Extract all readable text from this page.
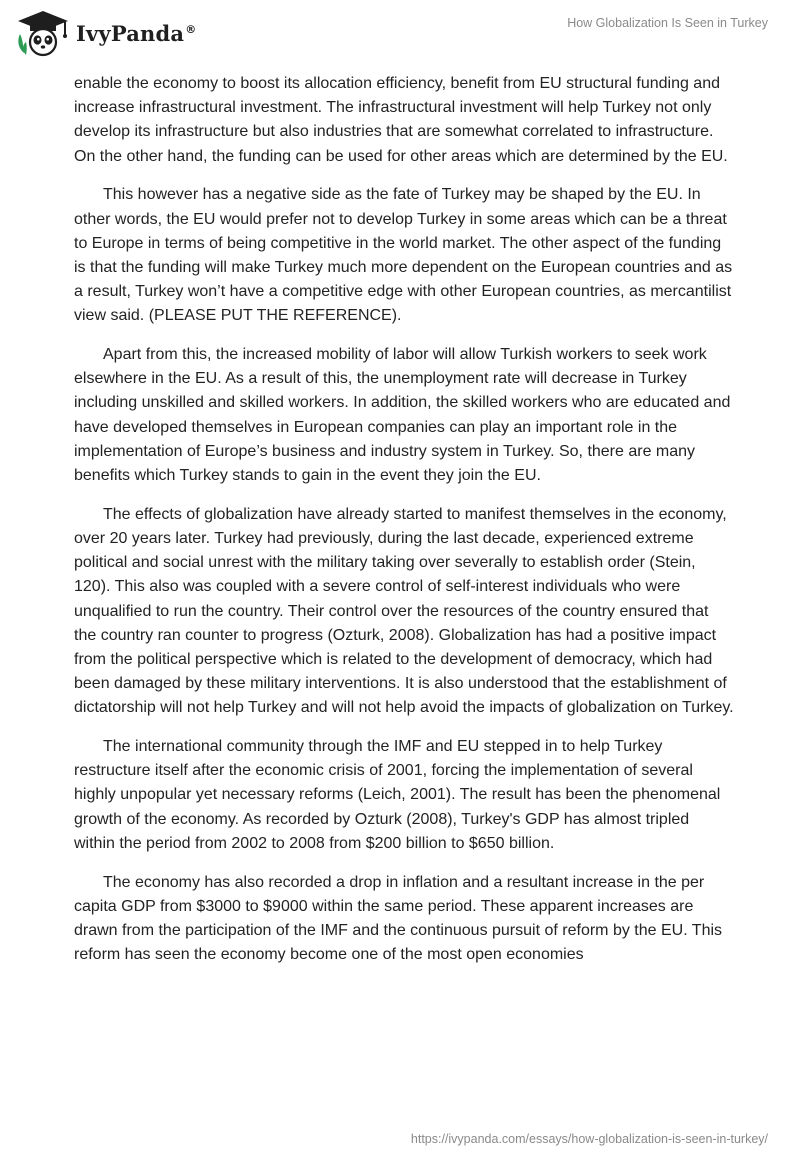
IvyPanda®	How Globalization Is Seen in Turkey

enable the economy to boost its allocation efficiency, benefit from EU structural funding and increase infrastructural investment. The infrastructural investment will help Turkey not only develop its infrastructure but also industries that are somewhat correlated to infrastructure. On the other hand, the funding can be used for other areas which are determined by the EU.

This however has a negative side as the fate of Turkey may be shaped by the EU. In other words, the EU would prefer not to develop Turkey in some areas which can be a threat to Europe in terms of being competitive in the world market. The other aspect of the funding is that the funding will make Turkey much more dependent on the European countries and as a result, Turkey won’t have a competitive edge with other European countries, as mercantilist view said. (PLEASE PUT THE REFERENCE).

Apart from this, the increased mobility of labor will allow Turkish workers to seek work elsewhere in the EU. As a result of this, the unemployment rate will decrease in Turkey including unskilled and skilled workers. In addition, the skilled workers who are educated and have developed themselves in European companies can play an important role in the implementation of Europe’s business and industry system in Turkey. So, there are many benefits which Turkey stands to gain in the event they join the EU.

The effects of globalization have already started to manifest themselves in the economy, over 20 years later. Turkey had previously, during the last decade, experienced extreme political and social unrest with the military taking over severally to establish order (Stein, 120). This also was coupled with a severe control of self-interest individuals who were unqualified to run the country. Their control over the resources of the country ensured that the country ran counter to progress (Ozturk, 2008). Globalization has had a positive impact from the political perspective which is related to the development of democracy, which had been damaged by these military interventions. It is also understood that the establishment of dictatorship will not help Turkey and will not help avoid the impacts of globalization on Turkey.

The international community through the IMF and EU stepped in to help Turkey restructure itself after the economic crisis of 2001, forcing the implementation of several highly unpopular yet necessary reforms (Leich, 2001). The result has been the phenomenal growth of the economy. As recorded by Ozturk (2008), Turkey's GDP has almost tripled within the period from 2002 to 2008 from $200 billion to $650 billion.

The economy has also recorded a drop in inflation and a resultant increase in the per capita GDP from $3000 to $9000 within the same period. These apparent increases are drawn from the participation of the IMF and the continuous pursuit of reform by the EU. This reform has seen the economy become one of the most open economies

https://ivypanda.com/essays/how-globalization-is-seen-in-turkey/
